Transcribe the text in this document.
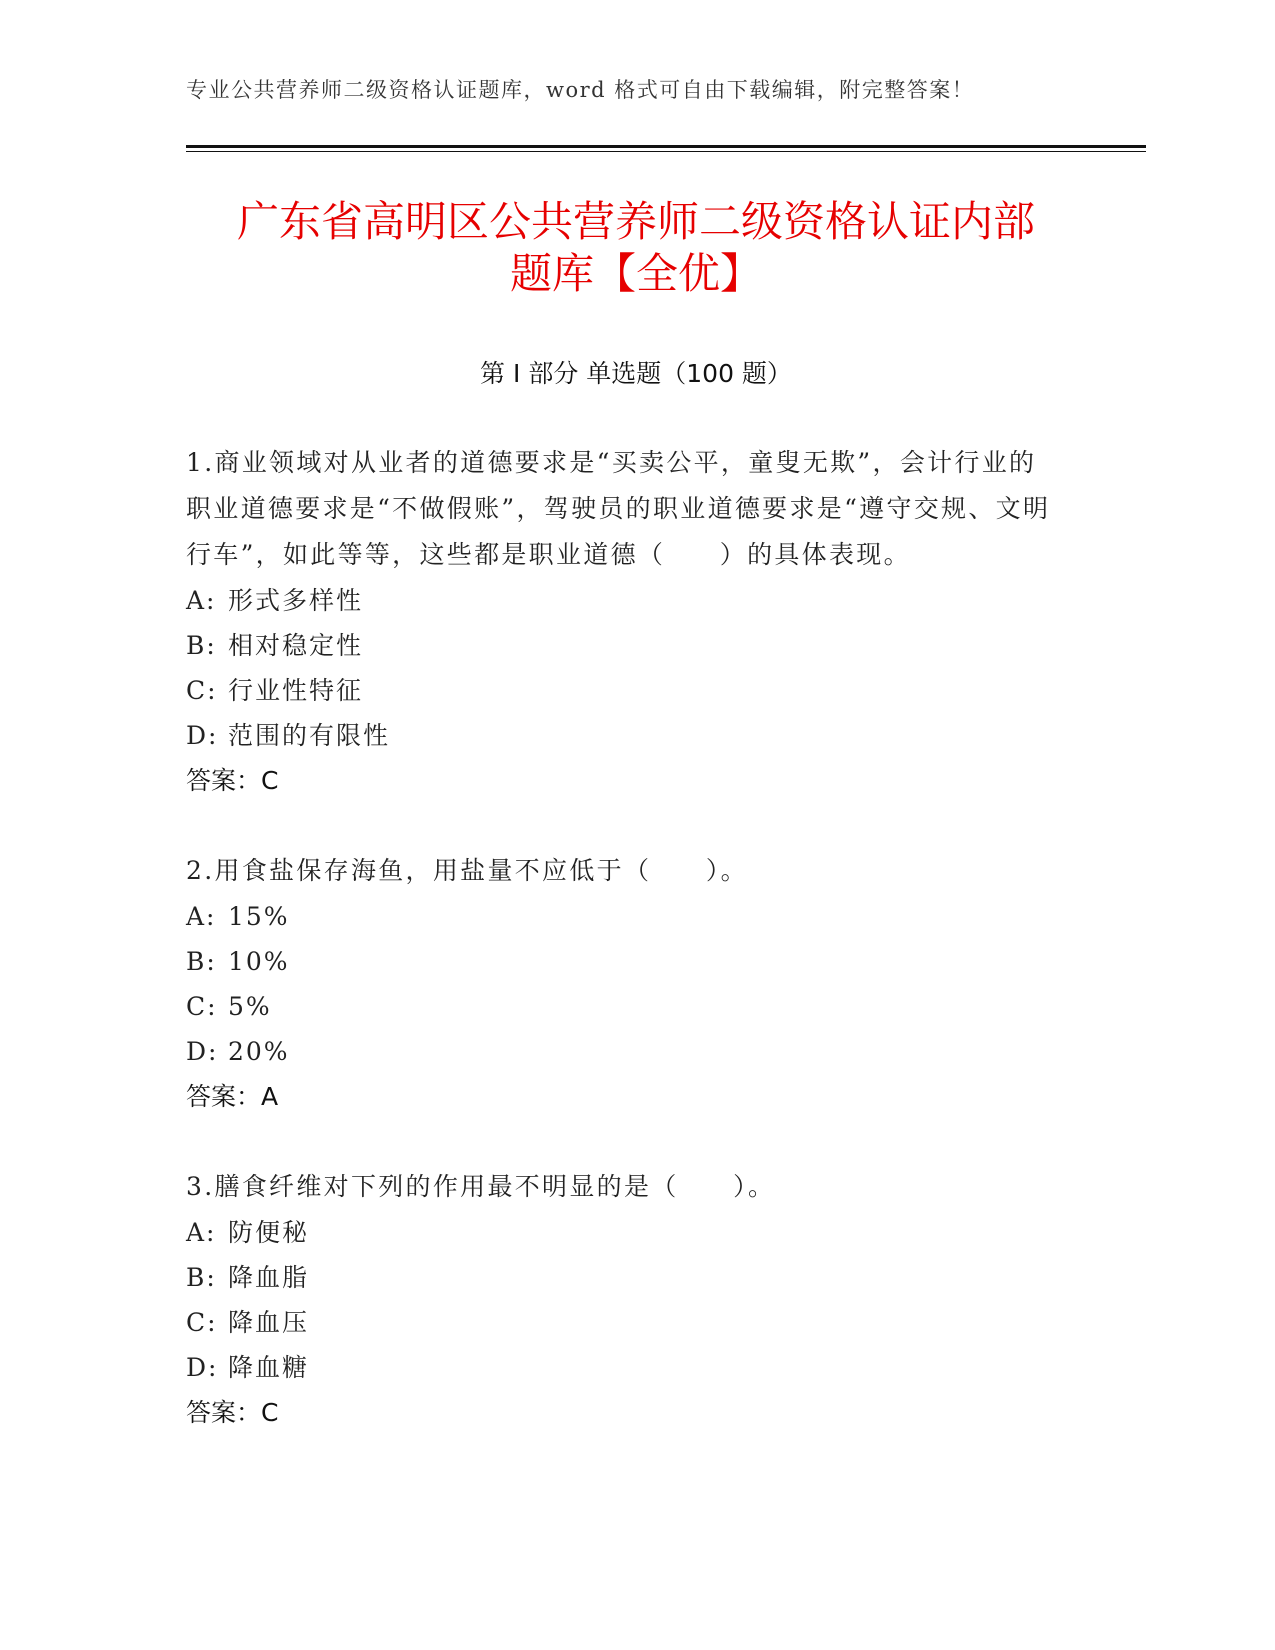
专业公共营养师二级资格认证题库，word 格式可自由下载编辑，附完整答案！
广东省高明区公共营养师二级资格认证内部
题库【全优】
第 I 部分 单选题（100 题）

1.商业领域对从业者的道德要求是“买卖公平，童叟无欺”，会计行业的职业道德要求是“不做假账”，驾驶员的职业道德要求是“遵守交规、文明行车”，如此等等，这些都是职业道德（　　）的具体表现。

A: 形式多样性

B: 相对稳定性

C: 行业性特征

D: 范围的有限性

答案：C

2.用食盐保存海鱼，用盐量不应低于（　　）。

A: 15%

B: 10%

C: 5%

D: 20%

答案：A

3.膳食纤维对下列的作用最不明显的是（　　）。

A: 防便秘

B: 降血脂

C: 降血压

D: 降血糖

答案：C
